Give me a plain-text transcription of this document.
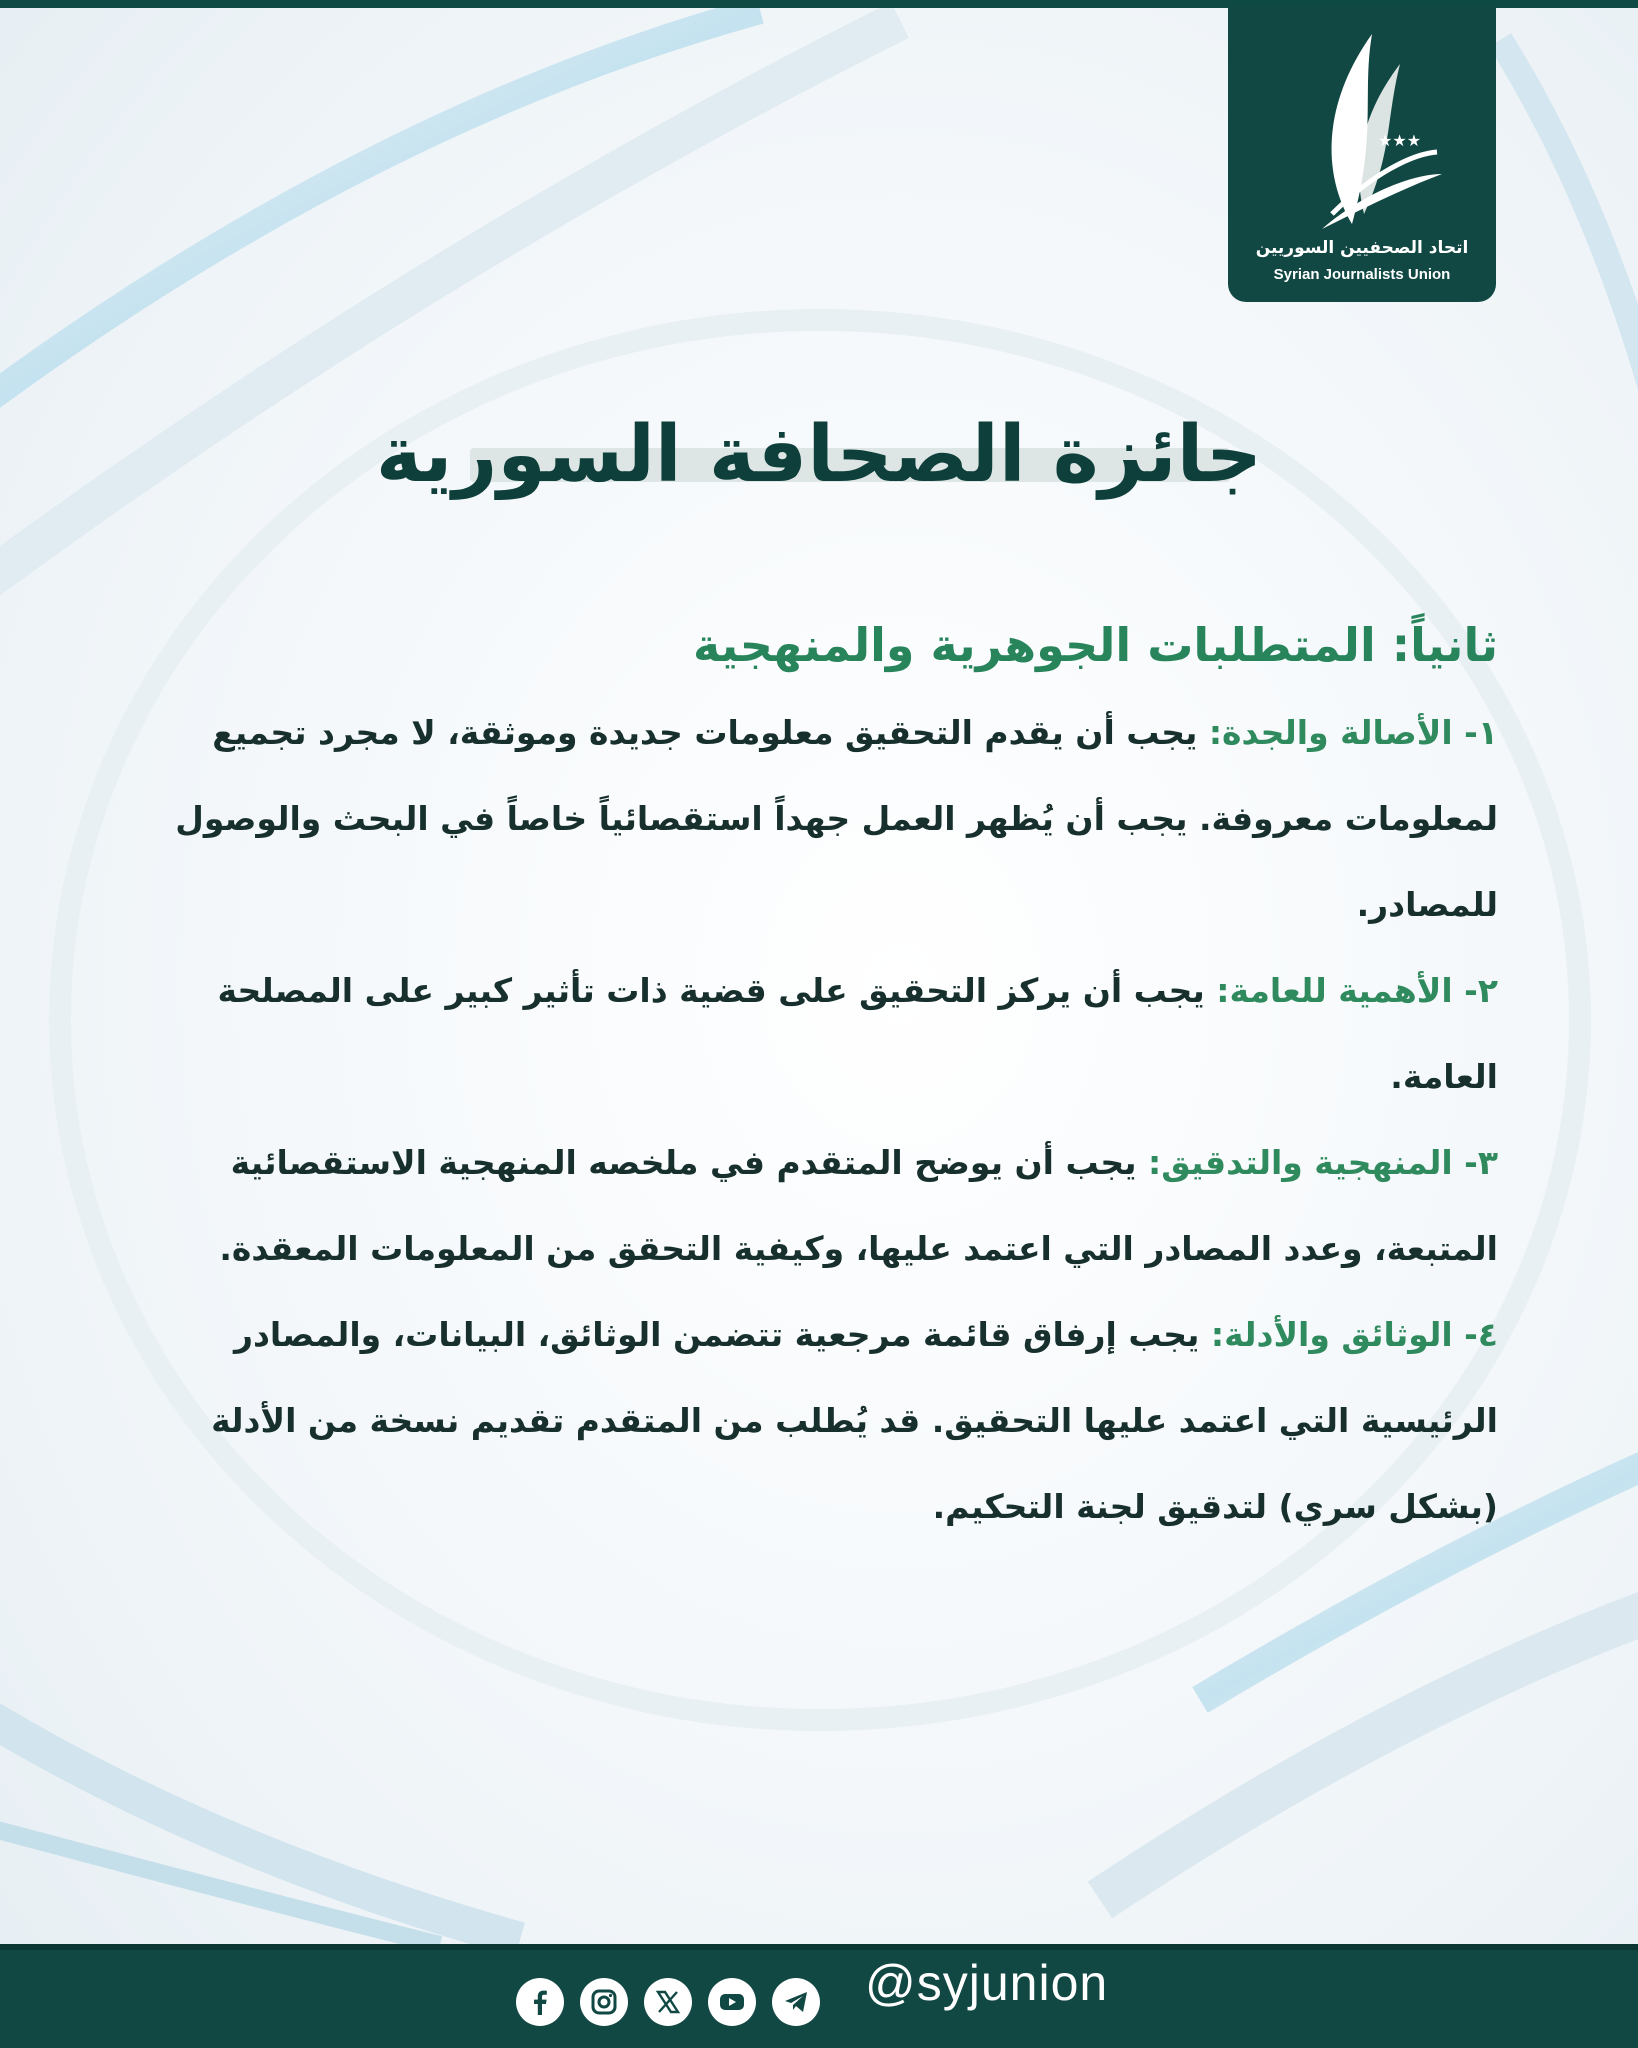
★★★
اتحاد الصحفيين السوريين
Syrian Journalists Union
جائزة الصحافة السورية
ثانياً: المتطلبات الجوهرية والمنهجية

١- الأصالة والجدة: يجب أن يقدم التحقيق معلومات جديدة وموثقة، لا مجرد تجميع لمعلومات معروفة. يجب أن يُظهر العمل جهداً استقصائياً خاصاً في البحث والوصول للمصادر.

٢- الأهمية للعامة: يجب أن يركز التحقيق على قضية ذات تأثير كبير على المصلحة العامة.

٣- المنهجية والتدقيق: يجب أن يوضح المتقدم في ملخصه المنهجية الاستقصائية المتبعة، وعدد المصادر التي اعتمد عليها، وكيفية التحقق من المعلومات المعقدة.

٤- الوثائق والأدلة: يجب إرفاق قائمة مرجعية تتضمن الوثائق، البيانات، والمصادر الرئيسية التي اعتمد عليها التحقيق. قد يُطلب من المتقدم تقديم نسخة من الأدلة (بشكل سري) لتدقيق لجنة التحكيم.

@syjunion
